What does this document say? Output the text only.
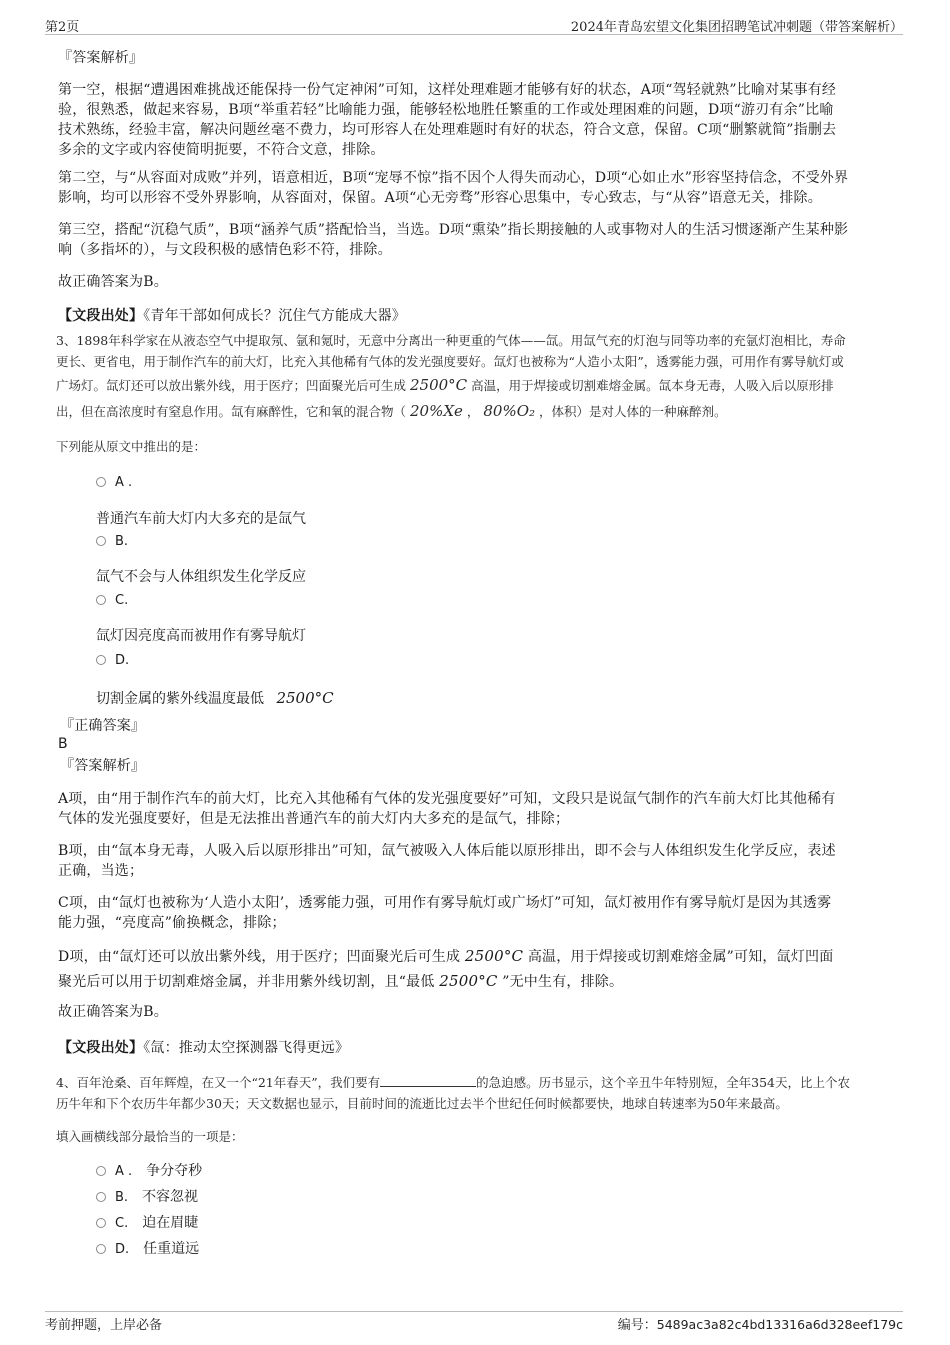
第2页	2024年青岛宏望文化集团招聘笔试冲刺题（带答案解析）
『答案解析』
第一空，根据“遭遇困难挑战还能保持一份气定神闲”可知，这样处理难题才能够有好的状态，A项“驾轻就熟”比喻对某事有经
验，很熟悉，做起来容易，B项“举重若轻”比喻能力强，能够轻松地胜任繁重的工作或处理困难的问题，D项“游刃有余”比喻
技术熟练，经验丰富，解决问题丝毫不费力，均可形容人在处理难题时有好的状态，符合文意，保留。C项“删繁就简”指删去
多余的文字或内容使简明扼要，不符合文意，排除。
第二空，与“从容面对成败”并列，语意相近，B项“宠辱不惊”指不因个人得失而动心，D项“心如止水”形容坚持信念，不受外界
影响，均可以形容不受外界影响，从容面对，保留。A项“心无旁骛”形容心思集中，专心致志，与“从容”语意无关，排除。
第三空，搭配“沉稳气质”，B项“涵养气质”搭配恰当，当选。D项“熏染”指长期接触的人或事物对人的生活习惯逐渐产生某种影
响（多指坏的），与文段积极的感情色彩不符，排除。
故正确答案为B。
【文段出处】《青年干部如何成长？沉住气方能成大器》
3、1898年科学家在从液态空气中提取氖、氩和氪时，无意中分离出一种更重的气体——氙。用氙气充的灯泡与同等功率的充氩灯泡相比，寿命
更长、更省电，用于制作汽车的前大灯，比充入其他稀有气体的发光强度要好。氙灯也被称为“人造小太阳”，透雾能力强，可用作有雾导航灯或
广场灯。氙灯还可以放出紫外线，用于医疗；凹面聚光后可生成 2500°C 高温，用于焊接或切割难熔金属。氙本身无毒，人吸入后以原形排
出，但在高浓度时有窒息作用。氙有麻醉性，它和氧的混合物（ 20%Xe ， 80%O₂ ，体积）是对人体的一种麻醉剂。
下列能从原文中推出的是：
A .
普通汽车前大灯内大多充的是氙气
B.
氙气不会与人体组织发生化学反应
C.
氙灯因亮度高而被用作有雾导航灯
D.
切割金属的紫外线温度最低 2500°C
『正确答案』
B
『答案解析』
A项，由“用于制作汽车的前大灯，比充入其他稀有气体的发光强度要好”可知，文段只是说氙气制作的汽车前大灯比其他稀有
气体的发光强度要好，但是无法推出普通汽车的前大灯内大多充的是氙气，排除；
B项，由“氙本身无毒，人吸入后以原形排出”可知，氙气被吸入人体后能以原形排出，即不会与人体组织发生化学反应，表述
正确，当选；
C项，由“氙灯也被称为‘人造小太阳’，透雾能力强，可用作有雾导航灯或广场灯”可知，氙灯被用作有雾导航灯是因为其透雾
能力强，“亮度高”偷换概念，排除；
D项，由“氙灯还可以放出紫外线，用于医疗；凹面聚光后可生成 2500°C 高温，用于焊接或切割难熔金属”可知，氙灯凹面
聚光后可以用于切割难熔金属，并非用紫外线切割，且“最低 2500°C ”无中生有，排除。
故正确答案为B。
【文段出处】《氙：推动太空探测器飞得更远》
4、百年沧桑、百年辉煌，在又一个“21年春天”，我们要有	的急迫感。历书显示，这个辛丑牛年特别短，全年354天，比上个农
历牛年和下个农历牛年都少30天；天文数据也显示，目前时间的流逝比过去半个世纪任何时候都要快，地球自转速率为50年来最高。
填入画横线部分最恰当的一项是：
A . 争分夺秒
B. 不容忽视
C. 迫在眉睫
D. 任重道远
考前押题，上岸必备	编号：5489ac3a82c4bd13316a6d328eef179c
